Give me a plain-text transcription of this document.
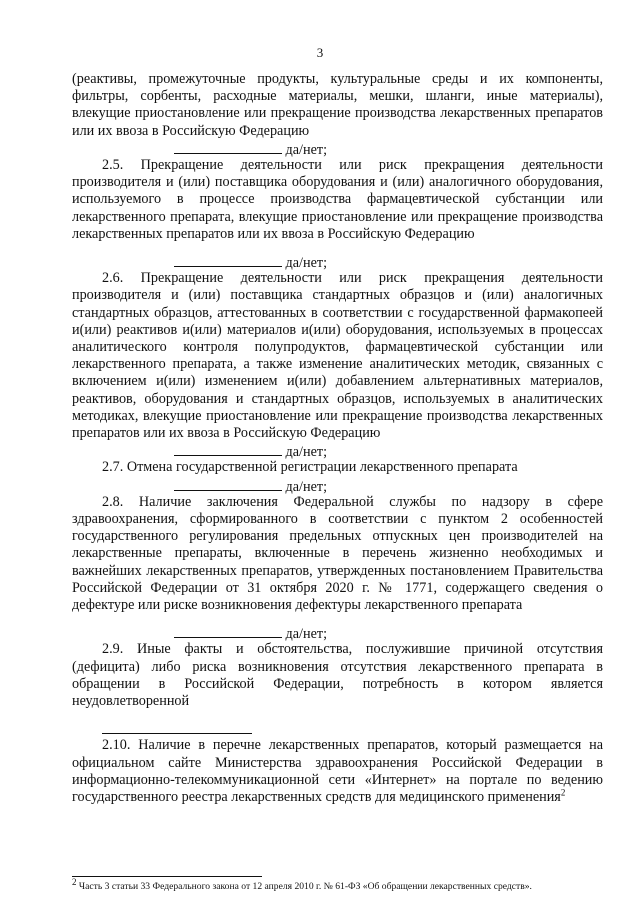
3

(реактивы, промежуточные продукты, культуральные среды и их компоненты, фильтры, сорбенты, расходные материалы, мешки, шланги, иные материалы), влекущие приостановление или прекращение производства лекарственных препаратов или их ввоза в Российскую Федерацию

да/нет;

2.5. Прекращение деятельности или риск прекращения деятельности производителя и (или) поставщика оборудования и (или) аналогичного оборудования, используемого в процессе производства фармацевтической субстанции или лекарственного препарата, влекущие приостановление или прекращение производства лекарственных препаратов или их ввоза в Российскую Федерацию

да/нет;

2.6. Прекращение деятельности или риск прекращения деятельности производителя и (или) поставщика стандартных образцов и (или) аналогичных стандартных образцов, аттестованных в соответствии с государственной фармакопеей и(или) реактивов и(или) материалов и(или) оборудования, используемых в процессах аналитического контроля полупродуктов, фармацевтической субстанции или лекарственного препарата, а также изменение аналитических методик, связанных с включением и(или) изменением и(или) добавлением альтернативных материалов, реактивов, оборудования и стандартных образцов, используемых в аналитических методиках, влекущие приостановление или прекращение производства лекарственных препаратов или их ввоза в Российскую Федерацию

да/нет;

2.7. Отмена государственной регистрации лекарственного препарата

да/нет;

2.8. Наличие заключения Федеральной службы по надзору в сфере здравоохранения, сформированного в соответствии с пунктом 2 особенностей государственного регулирования предельных отпускных цен производителей на лекарственные препараты, включенные в перечень жизненно необходимых и важнейших лекарственных препаратов, утвержденных постановлением Правительства Российской Федерации от 31 октября 2020 г. № 1771, содержащего сведения о дефектуре или риске возникновения дефектуры лекарственного препарата

да/нет;

2.9. Иные факты и обстоятельства, послужившие причиной отсутствия (дефицита) либо риска возникновения отсутствия лекарственного препарата в обращении в Российской Федерации, потребность в котором является неудовлетворенной

2.10. Наличие в перечне лекарственных препаратов, который размещается на официальном сайте Министерства здравоохранения Российской Федерации в информационно-телекоммуникационной сети «Интернет» на портале по ведению государственного реестра лекарственных средств для медицинского применения$^2$

$^2$ Часть 3 статьи 33 Федерального закона от 12 апреля 2010 г. № 61-ФЗ «Об обращении лекарственных средств».
